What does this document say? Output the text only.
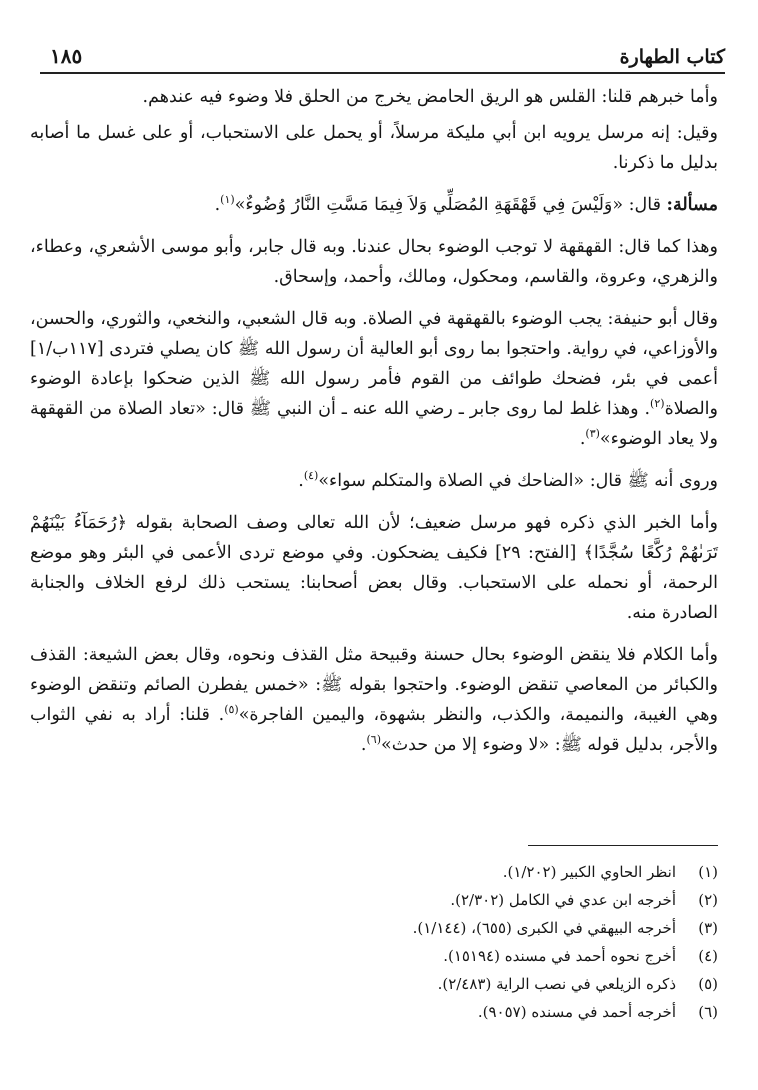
كتاب الطهارة
١٨٥

وأما خبرهم قلنا: القلس هو الريق الحامض يخرج من الحلق فلا وضوء فيه عندهم.

وقيل: إنه مرسل يرويه ابن أبي مليكة مرسلاً، أو يحمل على الاستحباب، أو على غسل ما أصابه بدليل ما ذكرنا.

مسألة: قال: «وَلَيْسَ فِي قَهْقَهَةِ المُصَلِّي وَلاَ فِيمَا مَسَّتِ النَّارُ وُضُوءٌ»$^{(١)}$.

وهذا كما قال: القهقهة لا توجب الوضوء بحال عندنا. وبه قال جابر، وأبو موسى الأشعري، وعطاء، والزهري، وعروة، والقاسم، ومحكول، ومالك، وأحمد، وإسحاق.

وقال أبو حنيفة: يجب الوضوء بالقهقهة في الصلاة. وبه قال الشعبي، والنخعي، والثوري، والحسن، والأوزاعي، في رواية. واحتجوا بما روى أبو العالية أن رسول الله ﷺ كان يصلي فتردى [١١٧ب/١] أعمى في بئر، فضحك طوائف من القوم فأمر رسول الله ﷺ الذين ضحكوا بإعادة الوضوء والصلاة$^{(٢)}$. وهذا غلط لما روى جابر ـ رضي الله عنه ـ أن النبي ﷺ قال: «تعاد الصلاة من القهقهة ولا يعاد الوضوء»$^{(٣)}$.

وروى أنه ﷺ قال: «الضاحك في الصلاة والمتكلم سواء»$^{(٤)}$.

وأما الخبر الذي ذكره فهو مرسل ضعيف؛ لأن الله تعالى وصف الصحابة بقوله ﴿رُحَمَآءُ بَيْنَهُمْ تَرَىٰهُمْ رُكَّعًا سُجَّدًا﴾ [الفتح: ٢٩] فكيف يضحكون. وفي موضع تردى الأعمى في البئر وهو موضع الرحمة، أو نحمله على الاستحباب. وقال بعض أصحابنا: يستحب ذلك لرفع الخلاف والجنابة الصادرة منه.

وأما الكلام فلا ينقض الوضوء بحال حسنة وقبيحة مثل القذف ونحوه، وقال بعض الشيعة: القذف والكبائر من المعاصي تنقض الوضوء. واحتجوا بقوله ﷺ: «خمس يفطرن الصائم وتنقض الوضوء وهي الغيبة، والنميمة، والكذب، والنظر بشهوة، واليمين الفاجرة»$^{(٥)}$. قلنا: أراد به نفي الثواب والأجر، بدليل قوله ﷺ: «لا وضوء إلا من حدث»$^{(٦)}$.

(١)
انظر الحاوي الكبير (١/٢٠٢).
(٢)
أخرجه ابن عدي في الكامل (٢/٣٠٢).
(٣)
أخرجه البيهقي في الكبرى (٦٥٥)، (١/١٤٤).
(٤)
أخرج نحوه أحمد في مسنده (١٥١٩٤).
(٥)
ذكره الزيلعي في نصب الراية (٢/٤٨٣).
(٦)
أخرجه أحمد في مسنده (٩٠٥٧).
